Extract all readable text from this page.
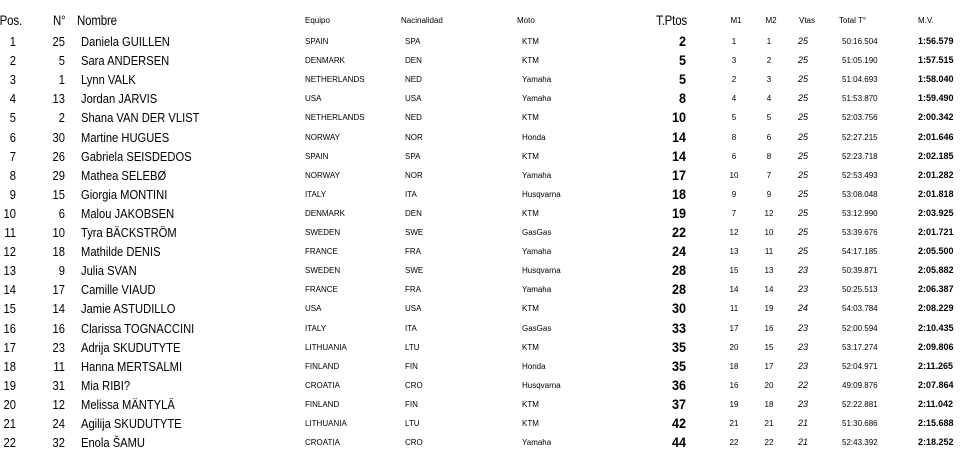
Pos. N° Nombre	Equipo	Nacinalidad	Moto	T.Ptos	M1	M2	Vtas	Total T°	M.V.
1	25 Daniela GUILLEN	SPAIN	SPA	KTM	2	1	1	25	50:16.504	1:56.579
2	5 Sara ANDERSEN	DENMARK	DEN	KTM	5	3	2	25	51:05.190	1:57.515
3	1 Lynn VALK	NETHERLANDS	NED	Yamaha	5	2	3	25	51:04.693	1:58.040
4	13 Jordan JARVIS	USA	USA	Yamaha	8	4	4	25	51:53.870	1:59.490
5	2 Shana VAN DER VLIST	NETHERLANDS	NED	KTM	10	5	5	25	52:03.756	2:00.342
6	30 Martine HUGUES	NORWAY	NOR	Honda	14	8	6	25	52:27.215	2:01.646
7	26 Gabriela SEISDEDOS	SPAIN	SPA	KTM	14	6	8	25	52:23.718	2:02.185
8	29 Mathea SELEBØ	NORWAY	NOR	Yamaha	17	10	7	25	52:53.493	2:01.282
9	15 Giorgia MONTINI	ITALY	ITA	Husqvarna	18	9	9	25	53:08.048	2:01.818
10	6 Malou JAKOBSEN	DENMARK	DEN	KTM	19	7	12	25	53:12.990	2:03.925
11	10 Tyra BÄCKSTRÖM	SWEDEN	SWE	GasGas	22	12	10	25	53:39.676	2:01.721
12	18 Mathilde DENIS	FRANCE	FRA	Yamaha	24	13	11	25	54:17.185	2:05.500
13	9 Julia SVAN	SWEDEN	SWE	Husqvarna	28	15	13	23	50:39.871	2:05.882
14	17 Camille VIAUD	FRANCE	FRA	Yamaha	28	14	14	23	50:25.513	2:06.387
15	14 Jamie ASTUDILLO	USA	USA	KTM	30	11	19	24	54:03.784	2:08.229
16	16 Clarissa TOGNACCINI	ITALY	ITA	GasGas	33	17	16	23	52:00.594	2:10.435
17	23 Adrija SKUDUTYTE	LITHUANIA	LTU	KTM	35	20	15	23	53:17.274	2:09.806
18	11 Hanna MERTSALMI	FINLAND	FIN	Honda	35	18	17	23	52:04.971	2:11.265
19	31 Mia RIBI?	CROATIA	CRO	Husqvarna	36	16	20	22	49:09.876	2:07.864
20	12 Melissa MÄNTYLÄ	FINLAND	FIN	KTM	37	19	18	23	52:22.881	2:11.042
21	24 Agilija SKUDUTYTE	LITHUANIA	LTU	KTM	42	21	21	21	51:30.686	2:15.688
22	32 Enola ŠAMU	CROATIA	CRO	Yamaha	44	22	22	21	52:43.392	2:18.252
